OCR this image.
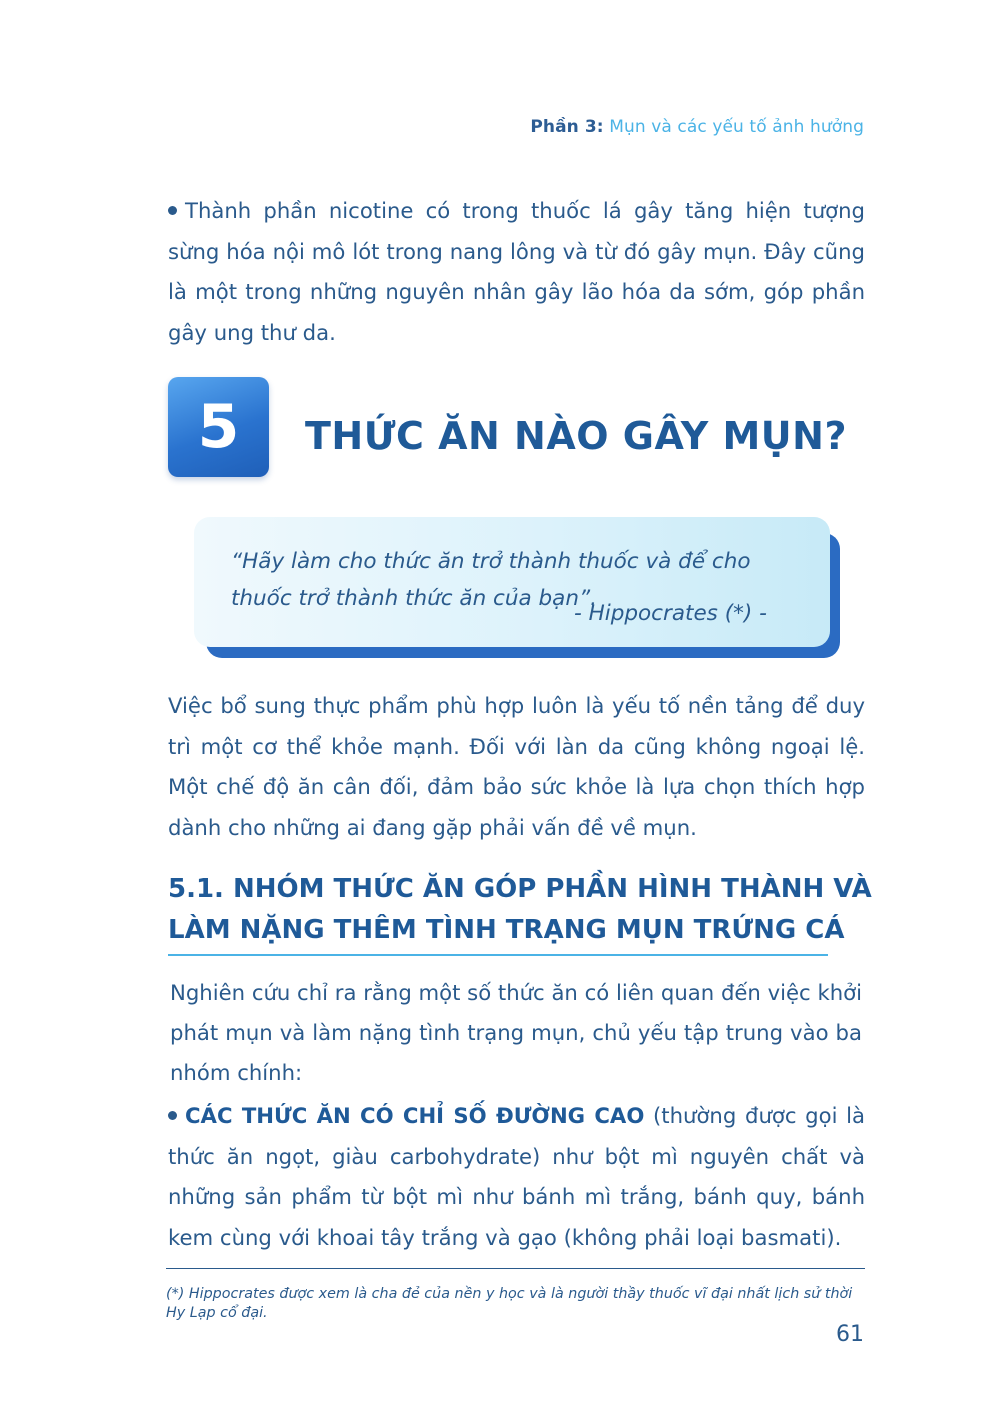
Phần 3: Mụn và các yếu tố ảnh hưởng
Thành phần nicotine có trong thuốc lá gây tăng hiện tượng sừng hóa nội mô lót trong nang lông và từ đó gây mụn. Đây cũng là một trong những nguyên nhân gây lão hóa da sớm, góp phần gây ung thư da.
5 THỨC ĂN NÀO GÂY MỤN?
“Hãy làm cho thức ăn trở thành thuốc và để cho thuốc trở thành thức ăn của bạn”.
- Hippocrates (*) -
Việc bổ sung thực phẩm phù hợp luôn là yếu tố nền tảng để duy trì một cơ thể khỏe mạnh. Đối với làn da cũng không ngoại lệ. Một chế độ ăn cân đối, đảm bảo sức khỏe là lựa chọn thích hợp dành cho những ai đang gặp phải vấn đề về mụn.
5.1. NHÓM THỨC ĂN GÓP PHẦN HÌNH THÀNH VÀ
LÀM NẶNG THÊM TÌNH TRẠNG MỤN TRỨNG CÁ
Nghiên cứu chỉ ra rằng một số thức ăn có liên quan đến việc khởi phát mụn và làm nặng tình trạng mụn, chủ yếu tập trung vào ba nhóm chính:
CÁC THỨC ĂN CÓ CHỈ SỐ ĐƯỜNG CAO (thường được gọi là thức ăn ngọt, giàu carbohydrate) như bột mì nguyên chất và những sản phẩm từ bột mì như bánh mì trắng, bánh quy, bánh kem cùng với khoai tây trắng và gạo (không phải loại basmati).
(*) Hippocrates được xem là cha đẻ của nền y học và là người thầy thuốc vĩ đại nhất lịch sử thời Hy Lạp cổ đại.
61
